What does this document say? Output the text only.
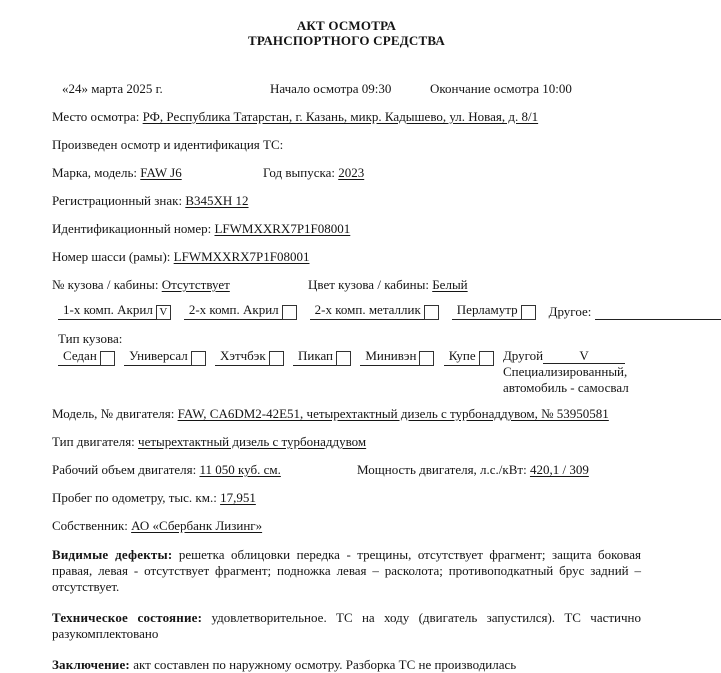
АКТ ОСМОТРА
ТРАНСПОРТНОГО СРЕДСТВА
«24» марта 2025 г.	Начало осмотра 09:30	Окончание осмотра 10:00
Место осмотра: РФ, Республика Татарстан, г. Казань, микр. Кадышево, ул. Новая, д. 8/1
Произведен осмотр и идентификация ТС:
Марка, модель: FAW J6	Год выпуска: 2023
Регистрационный знак: В345ХН 12
Идентификационный номер: LFWMXXRX7P1F08001
Номер шасси (рамы): LFWMXXRX7P1F08001
№ кузова / кабины: Отсутствует	Цвет кузова / кабины: Белый
1-х комп. Акрил V	2-х комп. Акрил	2-х комп. металлик	Перламутр Другое:
Тип кузова:
Седан	Универсал	Хэтчбэк	Пикап	Минивэн	Купе Другой	V
Специализированный,
автомобиль - самосвал
Модель, № двигателя: FAW, CA6DM2-42E51, четырехтактный дизель с турбонаддувом, № 53950581
Тип двигателя: четырехтактный дизель с турбонаддувом
Рабочий объем двигателя: 11 050 куб. см.	Мощность двигателя, л.с./кВт: 420,1 / 309
Пробег по одометру, тыс. км.: 17,951
Собственник: АО «Сбербанк Лизинг»

Видимые дефекты: решетка облицовки передка - трещины, отсутствует фрагмент; защита боковая правая, левая - отсутствует фрагмент; подножка левая – расколота; противоподкатный брус задний – отсутствует.

Техническое состояние: удовлетворительное. ТС на ходу (двигатель запустился). ТС частично разукомплектовано

Заключение: акт составлен по наружному осмотру. Разборка ТС не производилась
